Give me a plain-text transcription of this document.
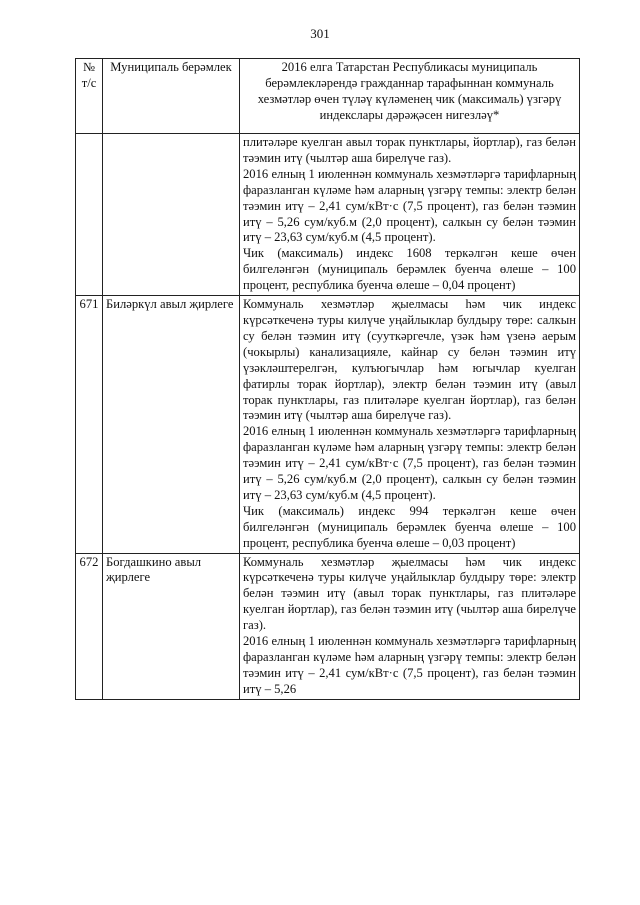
301
№ т/с	Муниципаль берәмлек	2016 елга Татарстан Республикасы муниципаль берәмлекләрендә гражданнар тарафыннан коммуналь хезмәтләр өчен түләү күләменең чик (максималь) үзгәрү индекслары дәрәҗәсен нигезләү*

		плитәләре куелган авыл торак пунктлары, йортлар), газ белән тәэмин итү (чылтәр аша бирелүче газ).

2016 елның 1 июленнән коммуналь хезмәтләргә тарифларның фаразланган күләме һәм аларның үзгәрү темпы: электр белән тәэмин итү – 2,41 сум/кВт·с (7,5 процент), газ белән тәэмин итү – 5,26 сум/куб.м (2,0 процент), салкын су белән тәэмин итү – 23,63 сум/куб.м (4,5 процент).

Чик (максималь) индекс 1608 теркәлгән кеше өчен билгеләнгән (муниципаль берәмлек буенча өлеше – 100 процент, республика буенча өлеше – 0,04 процент)

671	Биләркүл авыл җирлеге	Коммуналь хезмәтләр җыелмасы һәм чик индекс күрсәткеченә туры килүче уңайлыклар булдыру төре: салкын су белән тәэмин итү (сууткәргечле, үзәк һәм үзенә аерым (чокырлы) канализацияле, кайнар су белән тәэмин итү үзәкләштерелгән, кулъюгычлар һәм югычлар куелган фатирлы торак йортлар), электр белән тәэмин итү (авыл торак пунктлары, газ плитәләре куелган йортлар), газ белән тәэмин итү (чылтәр аша бирелүче газ).

2016 елның 1 июленнән коммуналь хезмәтләргә тарифларның фаразланган күләме һәм аларның үзгәрү темпы: электр белән тәэмин итү – 2,41 сум/кВт·с (7,5 процент), газ белән тәэмин итү – 5,26 сум/куб.м (2,0 процент), салкын су белән тәэмин итү – 23,63 сум/куб.м (4,5 процент).

Чик (максималь) индекс 994 теркәлгән кеше өчен билгеләнгән (муниципаль берәмлек буенча өлеше – 100 процент, республика буенча өлеше – 0,03 процент)

672	Богдашкино авыл җирлеге	Коммуналь хезмәтләр җыелмасы һәм чик индекс күрсәткеченә туры килүче уңайлыклар булдыру төре: электр белән тәэмин итү (авыл торак пунктлары, газ плитәләре куелган йортлар), газ белән тәэмин итү (чылтәр аша бирелүче газ).

2016 елның 1 июленнән коммуналь хезмәтләргә тарифларның фаразланган күләме һәм аларның үзгәрү темпы: электр белән тәэмин итү – 2,41 сум/кВт·с (7,5 процент), газ белән тәэмин итү – 5,26
